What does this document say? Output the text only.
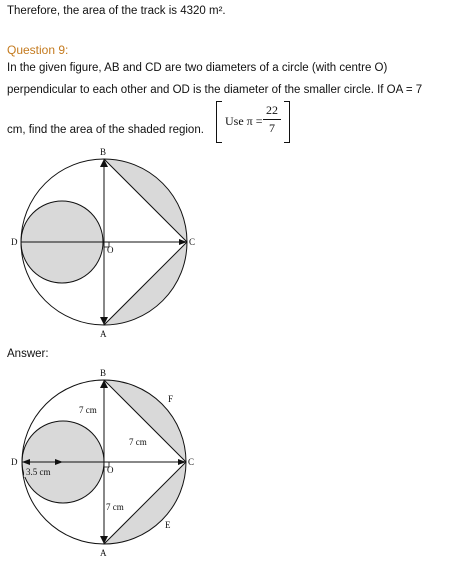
Therefore, the area of the track is 4320 m².
Question 9:
In the given figure, AB and CD are two diameters of a circle (with centre O)
perpendicular to each other and OD is the diameter of the smaller circle. If OA = 7
cm, find the area of the shaded region.
Use π =
22
7
Answer:
B
A
C
D
O
B
A
C
D
O
F
E
7 cm
7 cm
7 cm
3.5 cm
